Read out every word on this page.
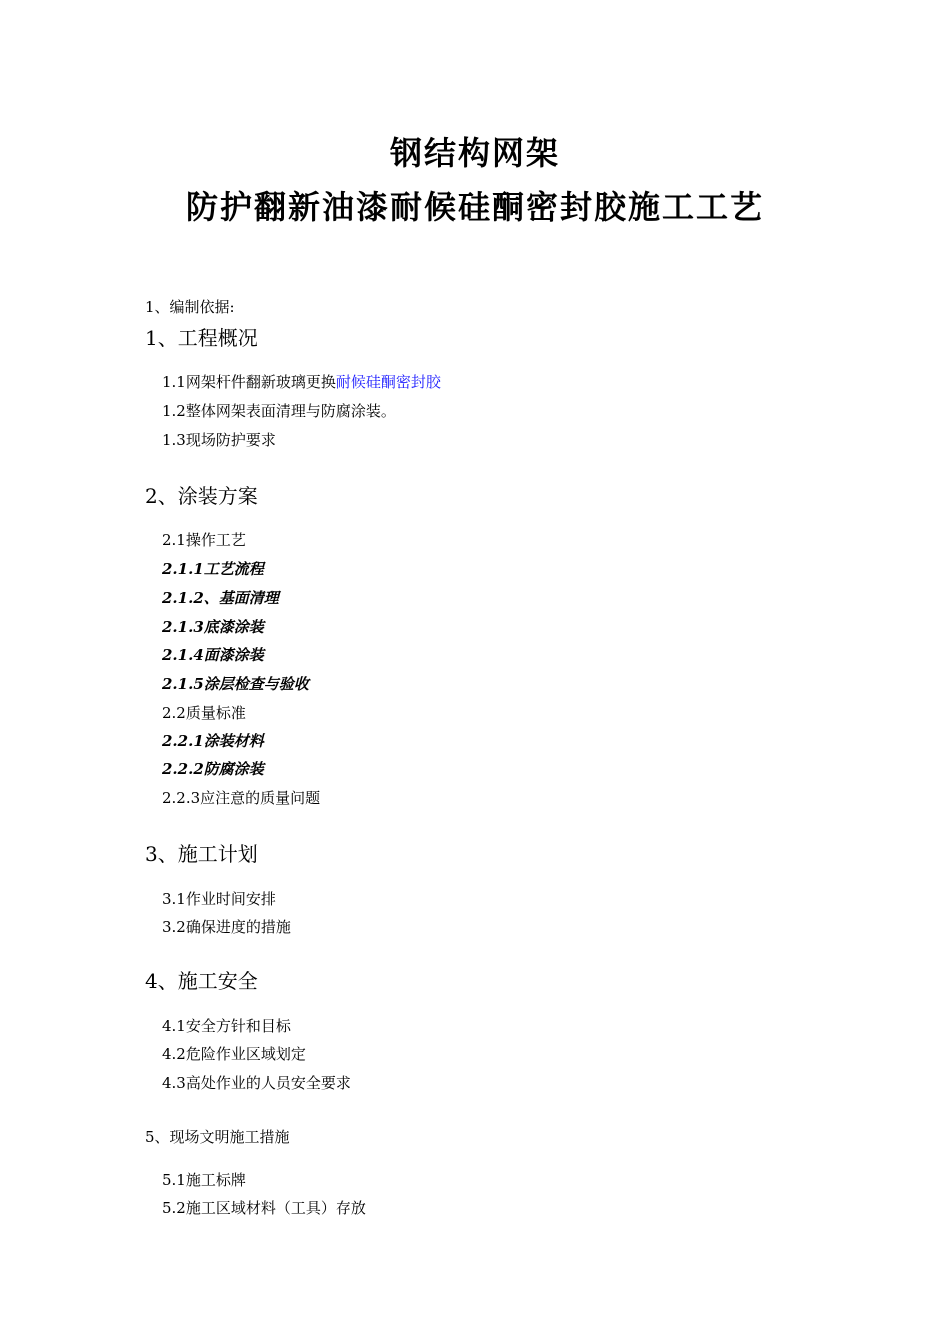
钢结构网架
防护翻新油漆耐候硅酮密封胶施工工艺
1、编制依据:
1、工程概况
1.1网架杆件翻新玻璃更换耐候硅酮密封胶
1.2整体网架表面清理与防腐涂装。
1.3现场防护要求
2、涂装方案
2.1操作工艺
2.1.1工艺流程
2.1.2、基面清理
2.1.3底漆涂装
2.1.4面漆涂装
2.1.5涂层检查与验收
2.2质量标准
2.2.1涂装材料
2.2.2防腐涂装
2.2.3应注意的质量问题
3、施工计划
3.1作业时间安排
3.2确保进度的措施
4、施工安全
4.1安全方针和目标
4.2危险作业区域划定
4.3高处作业的人员安全要求
5、现场文明施工措施
5.1施工标牌
5.2施工区域材料（工具）存放
